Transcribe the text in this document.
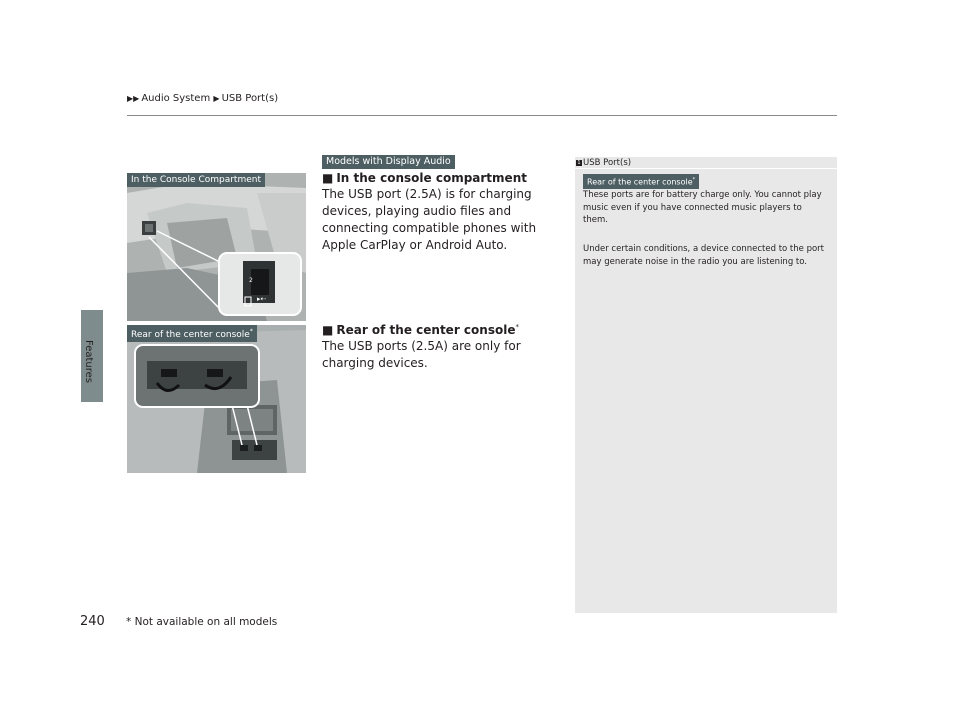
▶▶ Audio System ▶ USB Port(s)
Features
2
▸⇠
In the Console Compartment
Rear of the center console*
Models with Display Audio
■ In the console compartment
The USB port (2.5A) is for charging devices, playing audio files and connecting compatible phones with Apple CarPlay or Android Auto.
■ Rear of the center console*
The USB ports (2.5A) are only for charging devices.
1 USB Port(s)
Rear of the center console*
These ports are for battery charge only. You cannot play music even if you have connected music players to them.
Under certain conditions, a device connected to the port may generate noise in the radio you are listening to.
240 * Not available on all models
